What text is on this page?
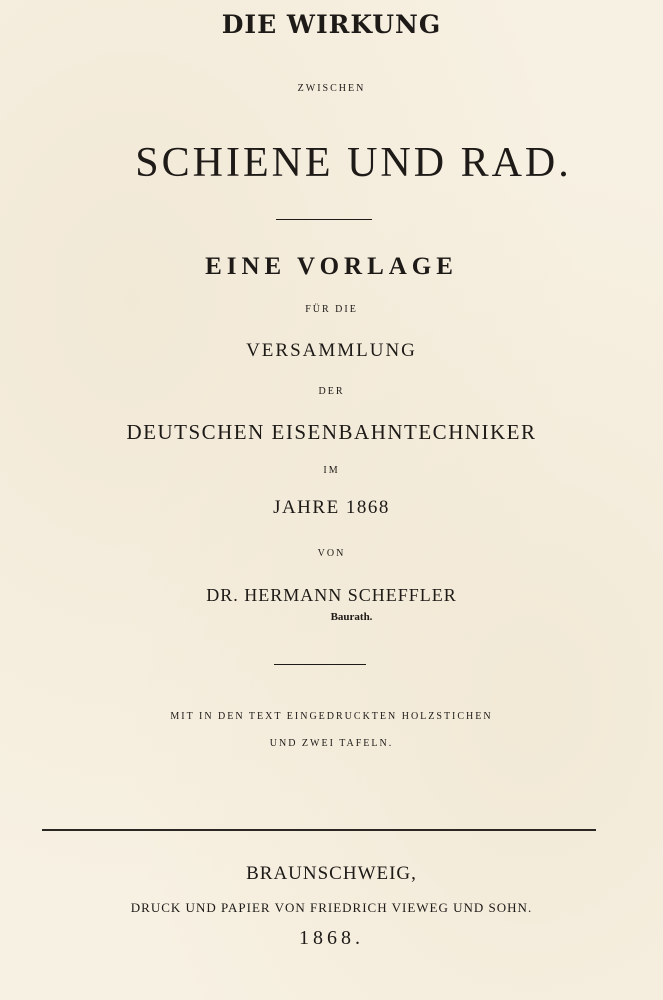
DIE WIRKUNG
ZWISCHEN
SCHIENE UND RAD.
EINE VORLAGE
FÜR DIE
VERSAMMLUNG
DER
DEUTSCHEN EISENBAHNTECHNIKER
IM
JAHRE 1868
VON
DR. HERMANN SCHEFFLER
Baurath.
MIT IN DEN TEXT EINGEDRUCKTEN HOLZSTICHEN
UND ZWEI TAFELN.
BRAUNSCHWEIG,
DRUCK UND PAPIER VON FRIEDRICH VIEWEG UND SOHN.
1868.
